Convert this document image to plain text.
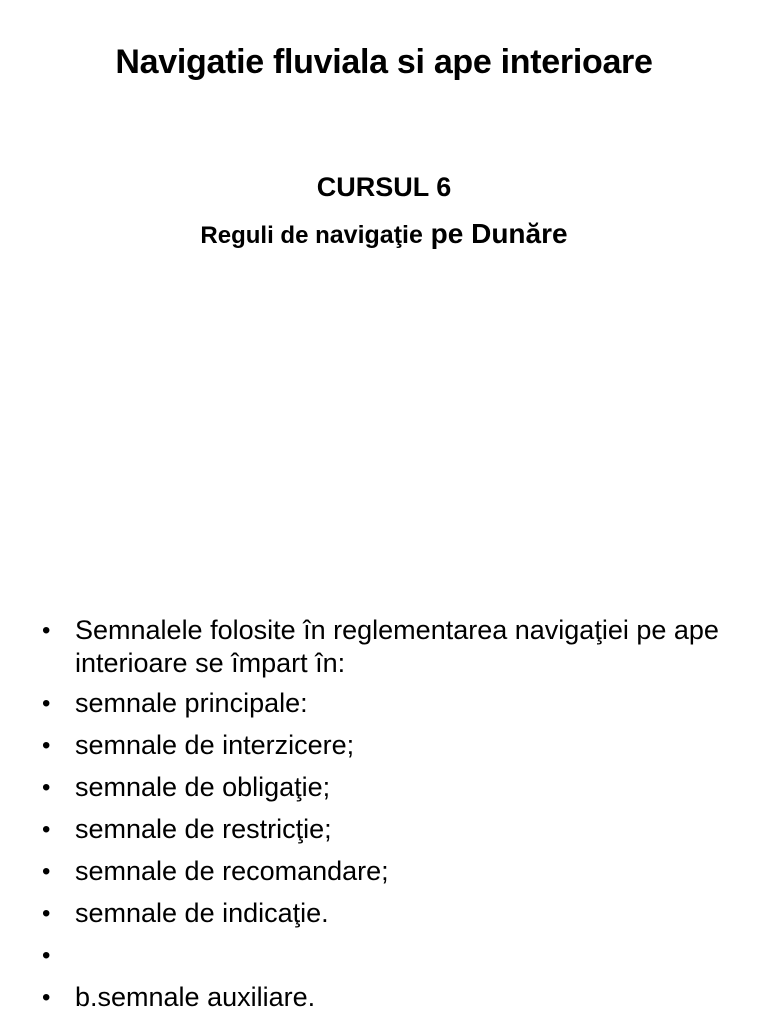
Navigatie fluviala si ape interioare
CURSUL 6
Reguli de navigaţie pe Dunăre
• Semnalele folosite în reglementarea navigaţiei pe ape interioare se împart în:
• semnale principale:
• semnale de interzicere;
• semnale de obligaţie;
• semnale de restricţie;
• semnale de recomandare;
• semnale de indicaţie.
•
• b.semnale auxiliare.
